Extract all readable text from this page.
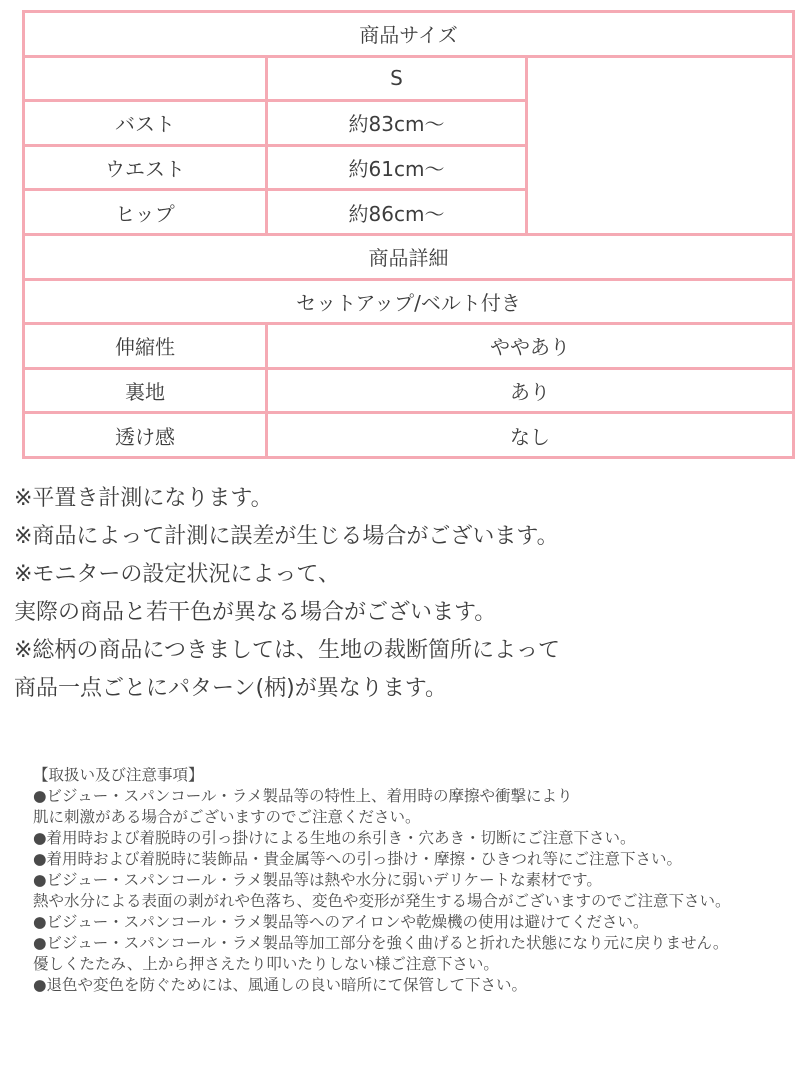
商品サイズ		
	S	
バスト	約83cm〜	
ウエスト	約61cm〜	
ヒップ	約86cm〜	
商品詳細		
セットアップ/ベルト付き		
伸縮性	ややあり	
裏地	あり	
透け感	なし	
※平置き計測になります。
※商品によって計測に誤差が生じる場合がございます。
※モニターの設定状況によって、
実際の商品と若干色が異なる場合がございます。
※総柄の商品につきましては、生地の裁断箇所によって
商品一点ごとにパターン(柄)が異なります。
【取扱い及び注意事項】
●ビジュー・スパンコール・ラメ製品等の特性上、着用時の摩擦や衝撃により
肌に刺激がある場合がございますのでご注意ください。
●着用時および着脱時の引っ掛けによる生地の糸引き・穴あき・切断にご注意下さい。
●着用時および着脱時に装飾品・貴金属等への引っ掛け・摩擦・ひきつれ等にご注意下さい。
●ビジュー・スパンコール・ラメ製品等は熱や水分に弱いデリケートな素材です。
熱や水分による表面の剥がれや色落ち、変色や変形が発生する場合がございますのでご注意下さい。
●ビジュー・スパンコール・ラメ製品等へのアイロンや乾燥機の使用は避けてください。
●ビジュー・スパンコール・ラメ製品等加工部分を強く曲げると折れた状態になり元に戻りません。
優しくたたみ、上から押さえたり叩いたりしない様ご注意下さい。
●退色や変色を防ぐためには、風通しの良い暗所にて保管して下さい。
